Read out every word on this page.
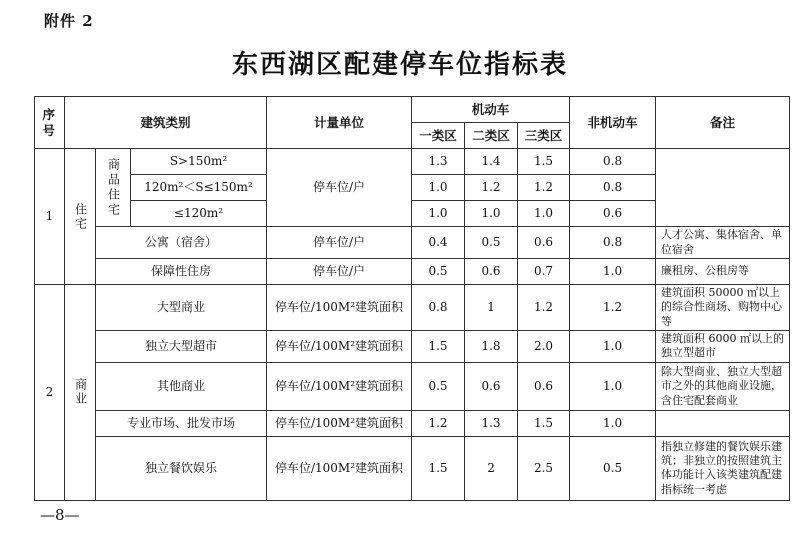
附件 2
东西湖区配建停车位指标表
序号	建筑类别			计量单位	机动车			非机动车	备注
					一类区	二类区	三类区		
1	住宅	商品住宅	S>150m²	停车位/户	1.3	1.4	1.5	0.8	
			120m²＜S≤150m²		1.0	1.2	1.2	0.8	
			≤120m²		1.0	1.0	1.0	0.6	
		公寓（宿舍）		停车位/户	0.4	0.5	0.6	0.8	人才公寓、集体宿舍、单位宿舍
		保障性住房		停车位/户	0.5	0.6	0.7	1.0	廉租房、公租房等
2	商业	大型商业		停车位/100M²建筑面积	0.8	1	1.2	1.2	建筑面积 50000 ㎡以上的综合性商场、购物中心等
		独立大型超市		停车位/100M²建筑面积	1.5	1.8	2.0	1.0	建筑面积 6000 ㎡以上的独立型超市
		其他商业		停车位/100M²建筑面积	0.5	0.6	0.6	1.0	除大型商业、独立大型超市之外的其他商业设施，含住宅配套商业
		专业市场、批发市场		停车位/100M²建筑面积	1.2	1.3	1.5	1.0	
		独立餐饮娱乐		停车位/100M²建筑面积	1.5	2	2.5	0.5	指独立修建的餐饮娱乐建筑；非独立的按照建筑主体功能计入该类建筑配建指标统一考虑
—8—
